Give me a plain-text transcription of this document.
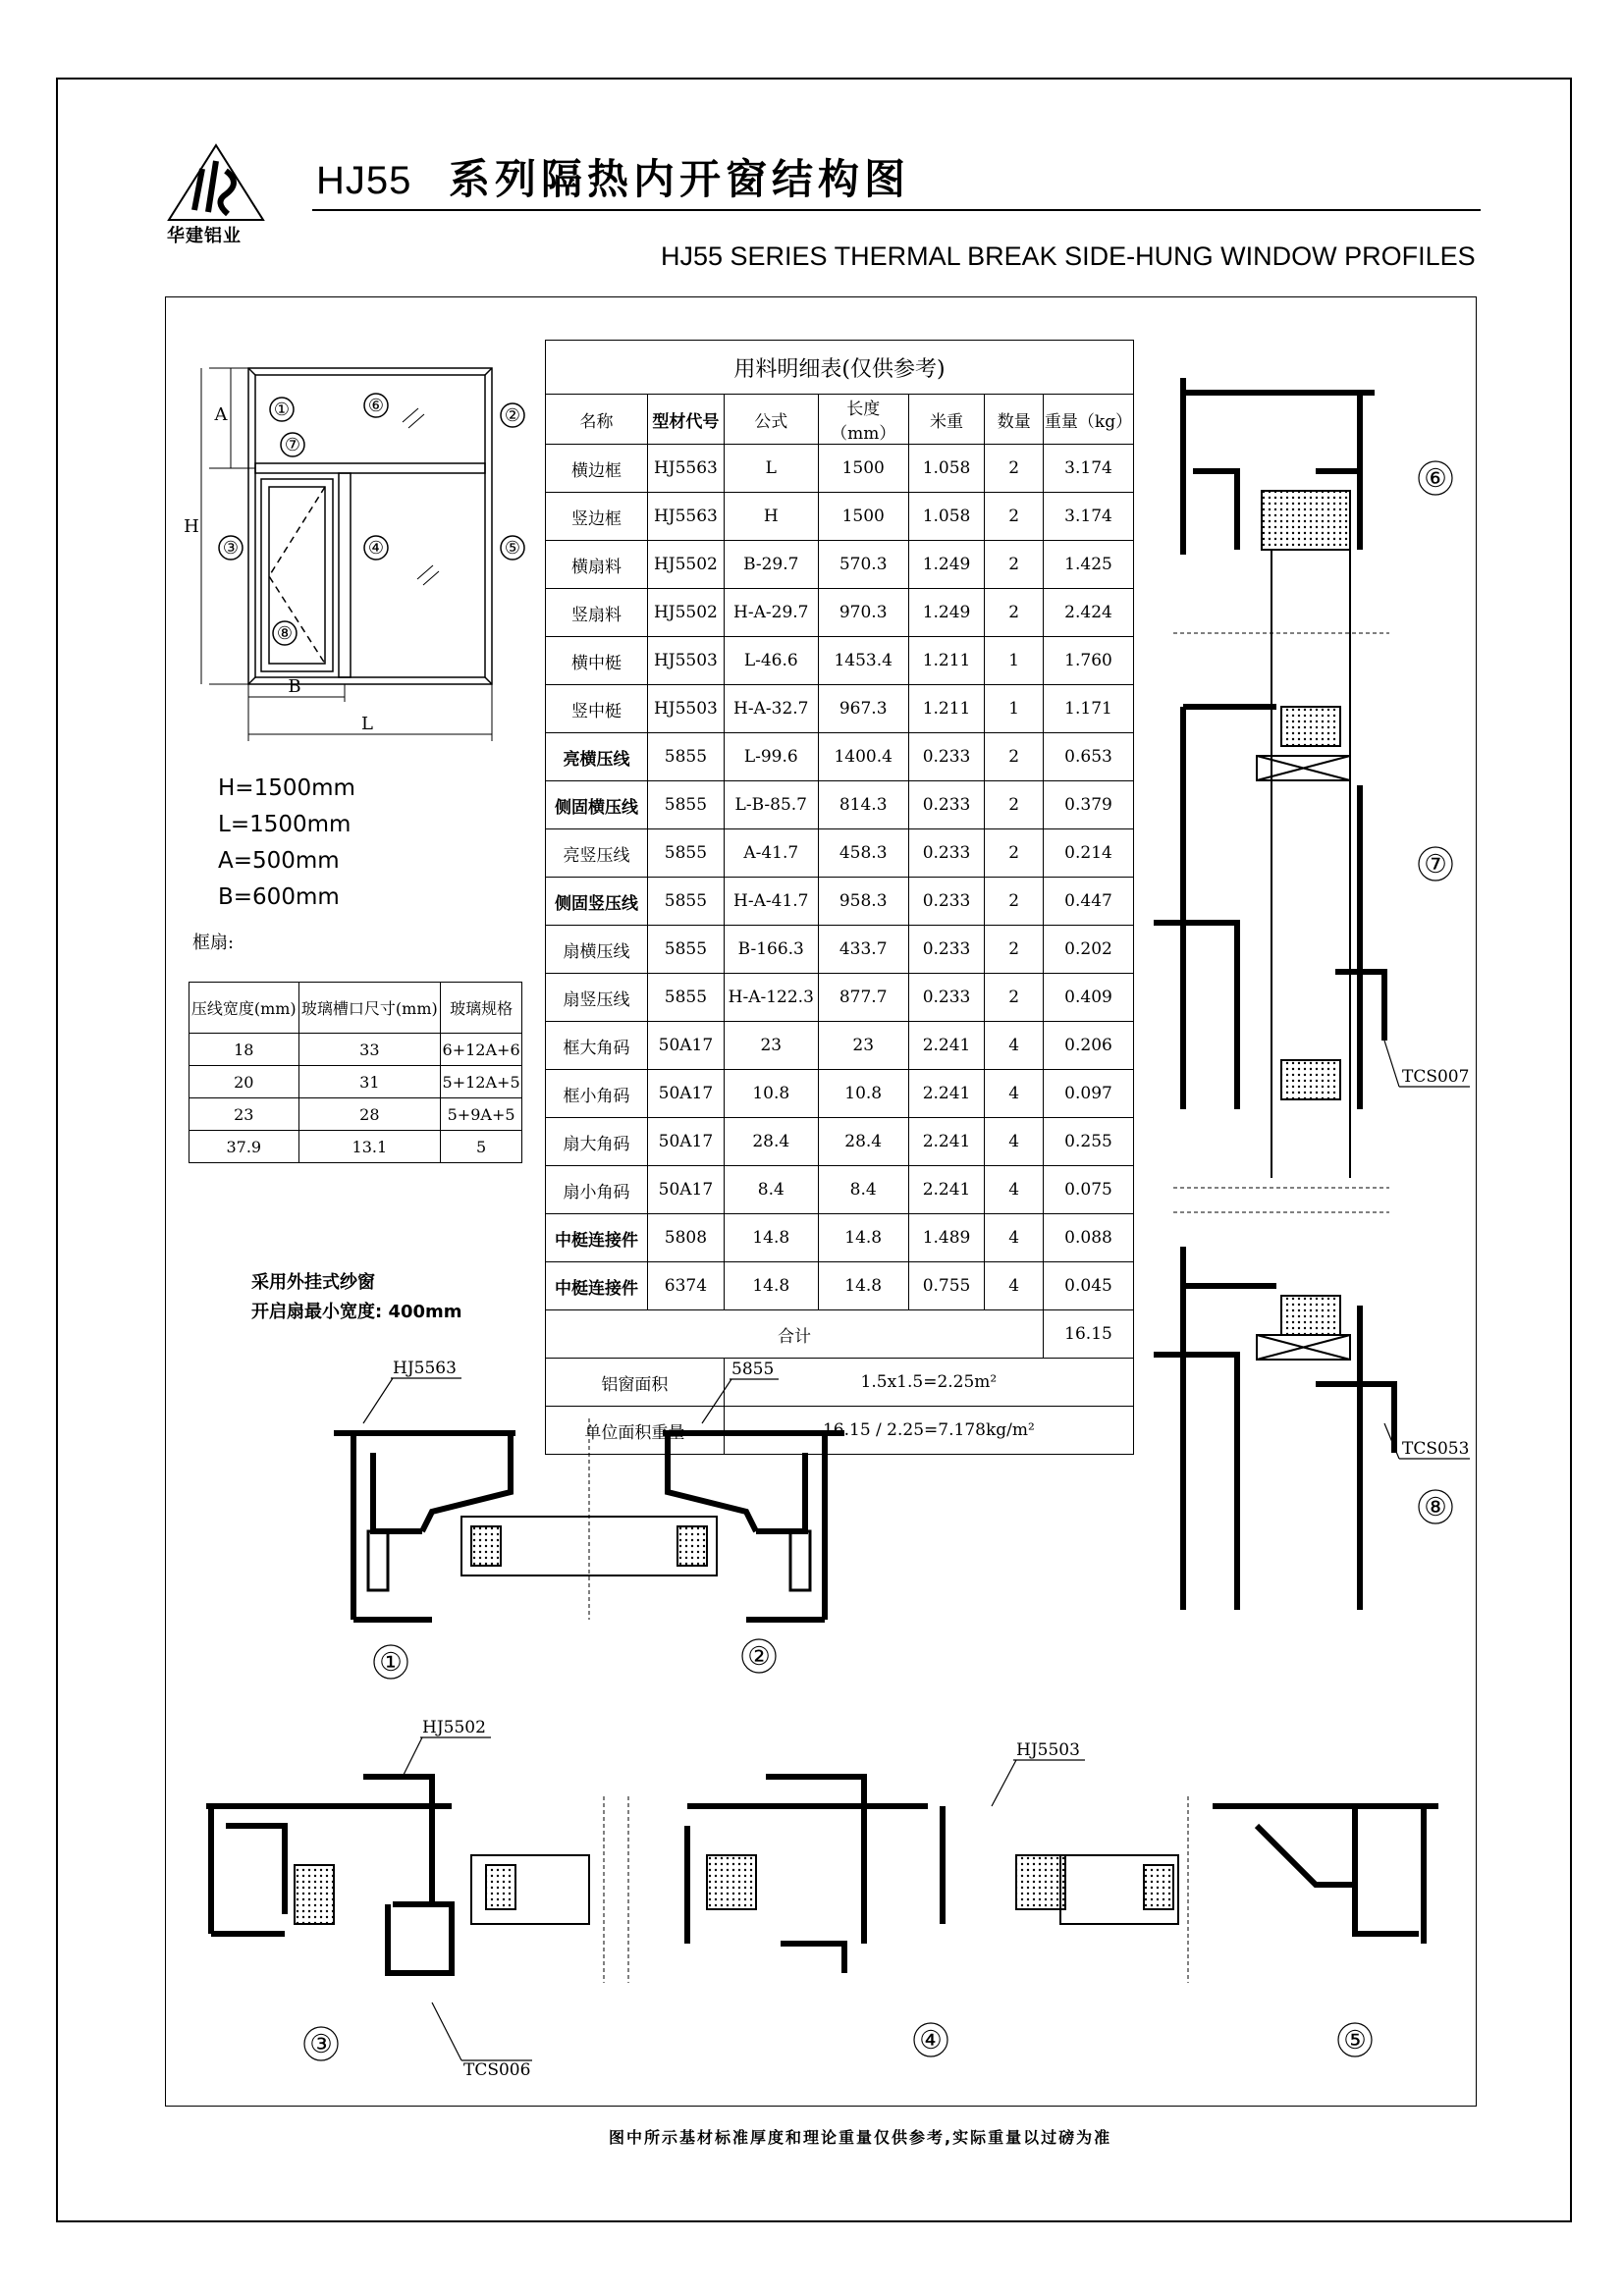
华建铝业
HJ55 系列隔热内开窗结构图
HJ55 SERIES THERMAL BREAK SIDE-HUNG WINDOW PROFILES
①	②
③	④	⑤
⑥
⑦
⑧
A
H
B
L
H=1500mm
L=1500mm
A=500mm
B=600mm
框扇:
压线宽度(mm)	玻璃槽口尺寸(mm)	玻璃规格
18	33	6+12A+6
20	31	5+12A+5
23	28	5+9A+5
37.9	13.1	5
采用外挂式纱窗
开启扇最小宽度: 400mm
用料明细表(仅供参考)						
名称	型材代号	公式	长度（mm）	米重	数量	重量（kg）
横边框	HJ5563	L	1500	1.058	2	3.174
竖边框	HJ5563	H	1500	1.058	2	3.174
横扇料	HJ5502	B-29.7	570.3	1.249	2	1.425
竖扇料	HJ5502	H-A-29.7	970.3	1.249	2	2.424
横中梃	HJ5503	L-46.6	1453.4	1.211	1	1.760
竖中梃	HJ5503	H-A-32.7	967.3	1.211	1	1.171
亮横压线	5855	L-99.6	1400.4	0.233	2	0.653
侧固横压线	5855	L-B-85.7	814.3	0.233	2	0.379
亮竖压线	5855	A-41.7	458.3	0.233	2	0.214
侧固竖压线	5855	H-A-41.7	958.3	0.233	2	0.447
扇横压线	5855	B-166.3	433.7	0.233	2	0.202
扇竖压线	5855	H-A-122.3	877.7	0.233	2	0.409
框大角码	50A17	23	23	2.241	4	0.206
框小角码	50A17	10.8	10.8	2.241	4	0.097
扇大角码	50A17	28.4	28.4	2.241	4	0.255
扇小角码	50A17	8.4	8.4	2.241	4	0.075
中梃连接件	5808	14.8	14.8	1.489	4	0.088
中梃连接件	6374	14.8	14.8	0.755	4	0.045
合计						16.15
铝窗面积		1.5x1.5=2.25m²				
单位面积重量		16.15 / 2.25=7.178kg/m²				
⑥
⑦
⑧
①	②
③	④	⑤
HJ5563	5855
HJ5502
HJ5503
TCS007
TCS053
TCS006
图中所示基材标准厚度和理论重量仅供参考,实际重量以过磅为准
